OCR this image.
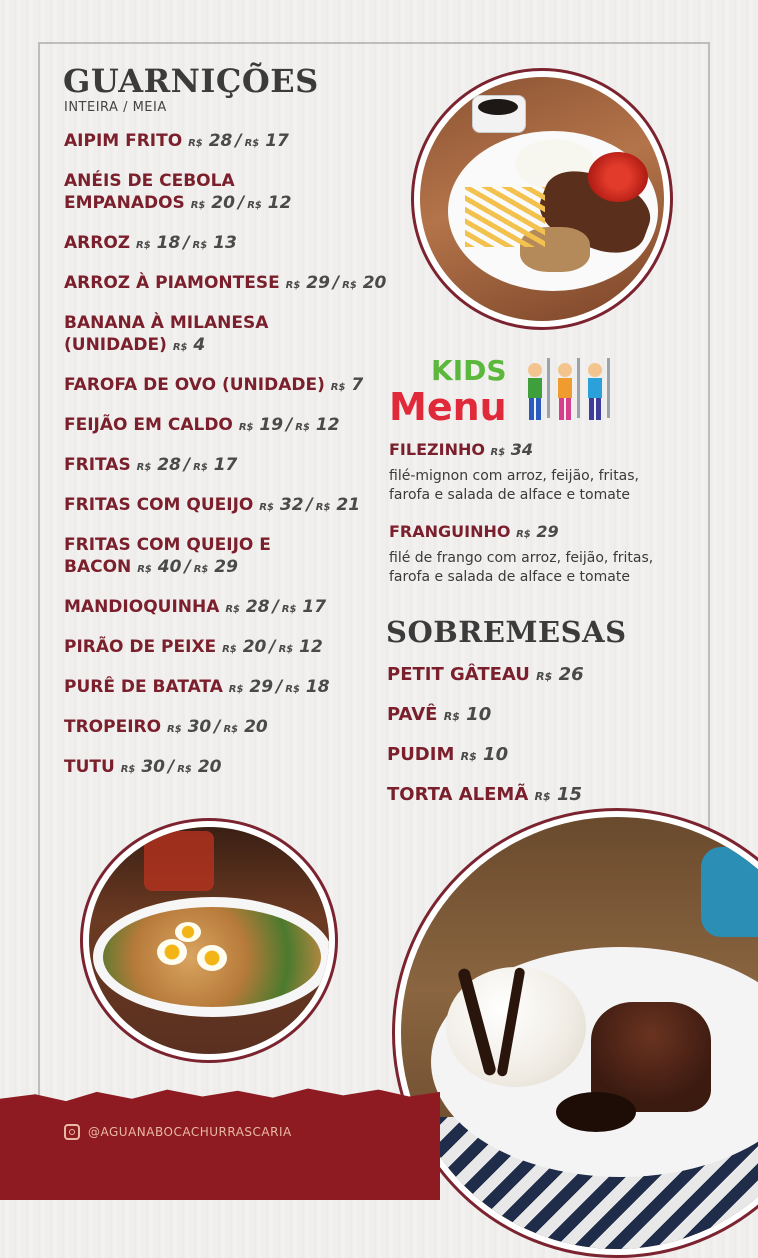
GUARNIÇÕES
INTEIRA / MEIA
AIPIM FRITO R$ 28 / R$ 17
ANÉIS DE CEBOLA EMPANADOS R$ 20 / R$ 12
ARROZ R$ 18 / R$ 13
ARROZ À PIAMONTESE R$ 29 / R$ 20
BANANA À MILANESA (UNIDADE) R$ 4
FAROFA DE OVO (UNIDADE) R$ 7
FEIJÃO EM CALDO R$ 19 / R$ 12
FRITAS R$ 28 / R$ 17
FRITAS COM QUEIJO R$ 32 / R$ 21
FRITAS COM QUEIJO E BACON R$ 40 / R$ 29
MANDIOQUINHA R$ 28 / R$ 17
PIRÃO DE PEIXE R$ 20 / R$ 12
PURÊ DE BATATA R$ 29 / R$ 18
TROPEIRO R$ 30 / R$ 20
TUTU R$ 30 / R$ 20
KIDS
Menu
FILEZINHO R$ 34
filé-mignon com arroz, feijão, fritas,
farofa e salada de alface e tomate
FRANGUINHO R$ 29
filé de frango com arroz, feijão, fritas,
farofa e salada de alface e tomate
SOBREMESAS
PETIT GÂTEAU R$ 26
PAVÊ R$ 10
PUDIM R$ 10
TORTA ALEMÃ R$ 15
@AGUANABOCACHURRASCARIA
